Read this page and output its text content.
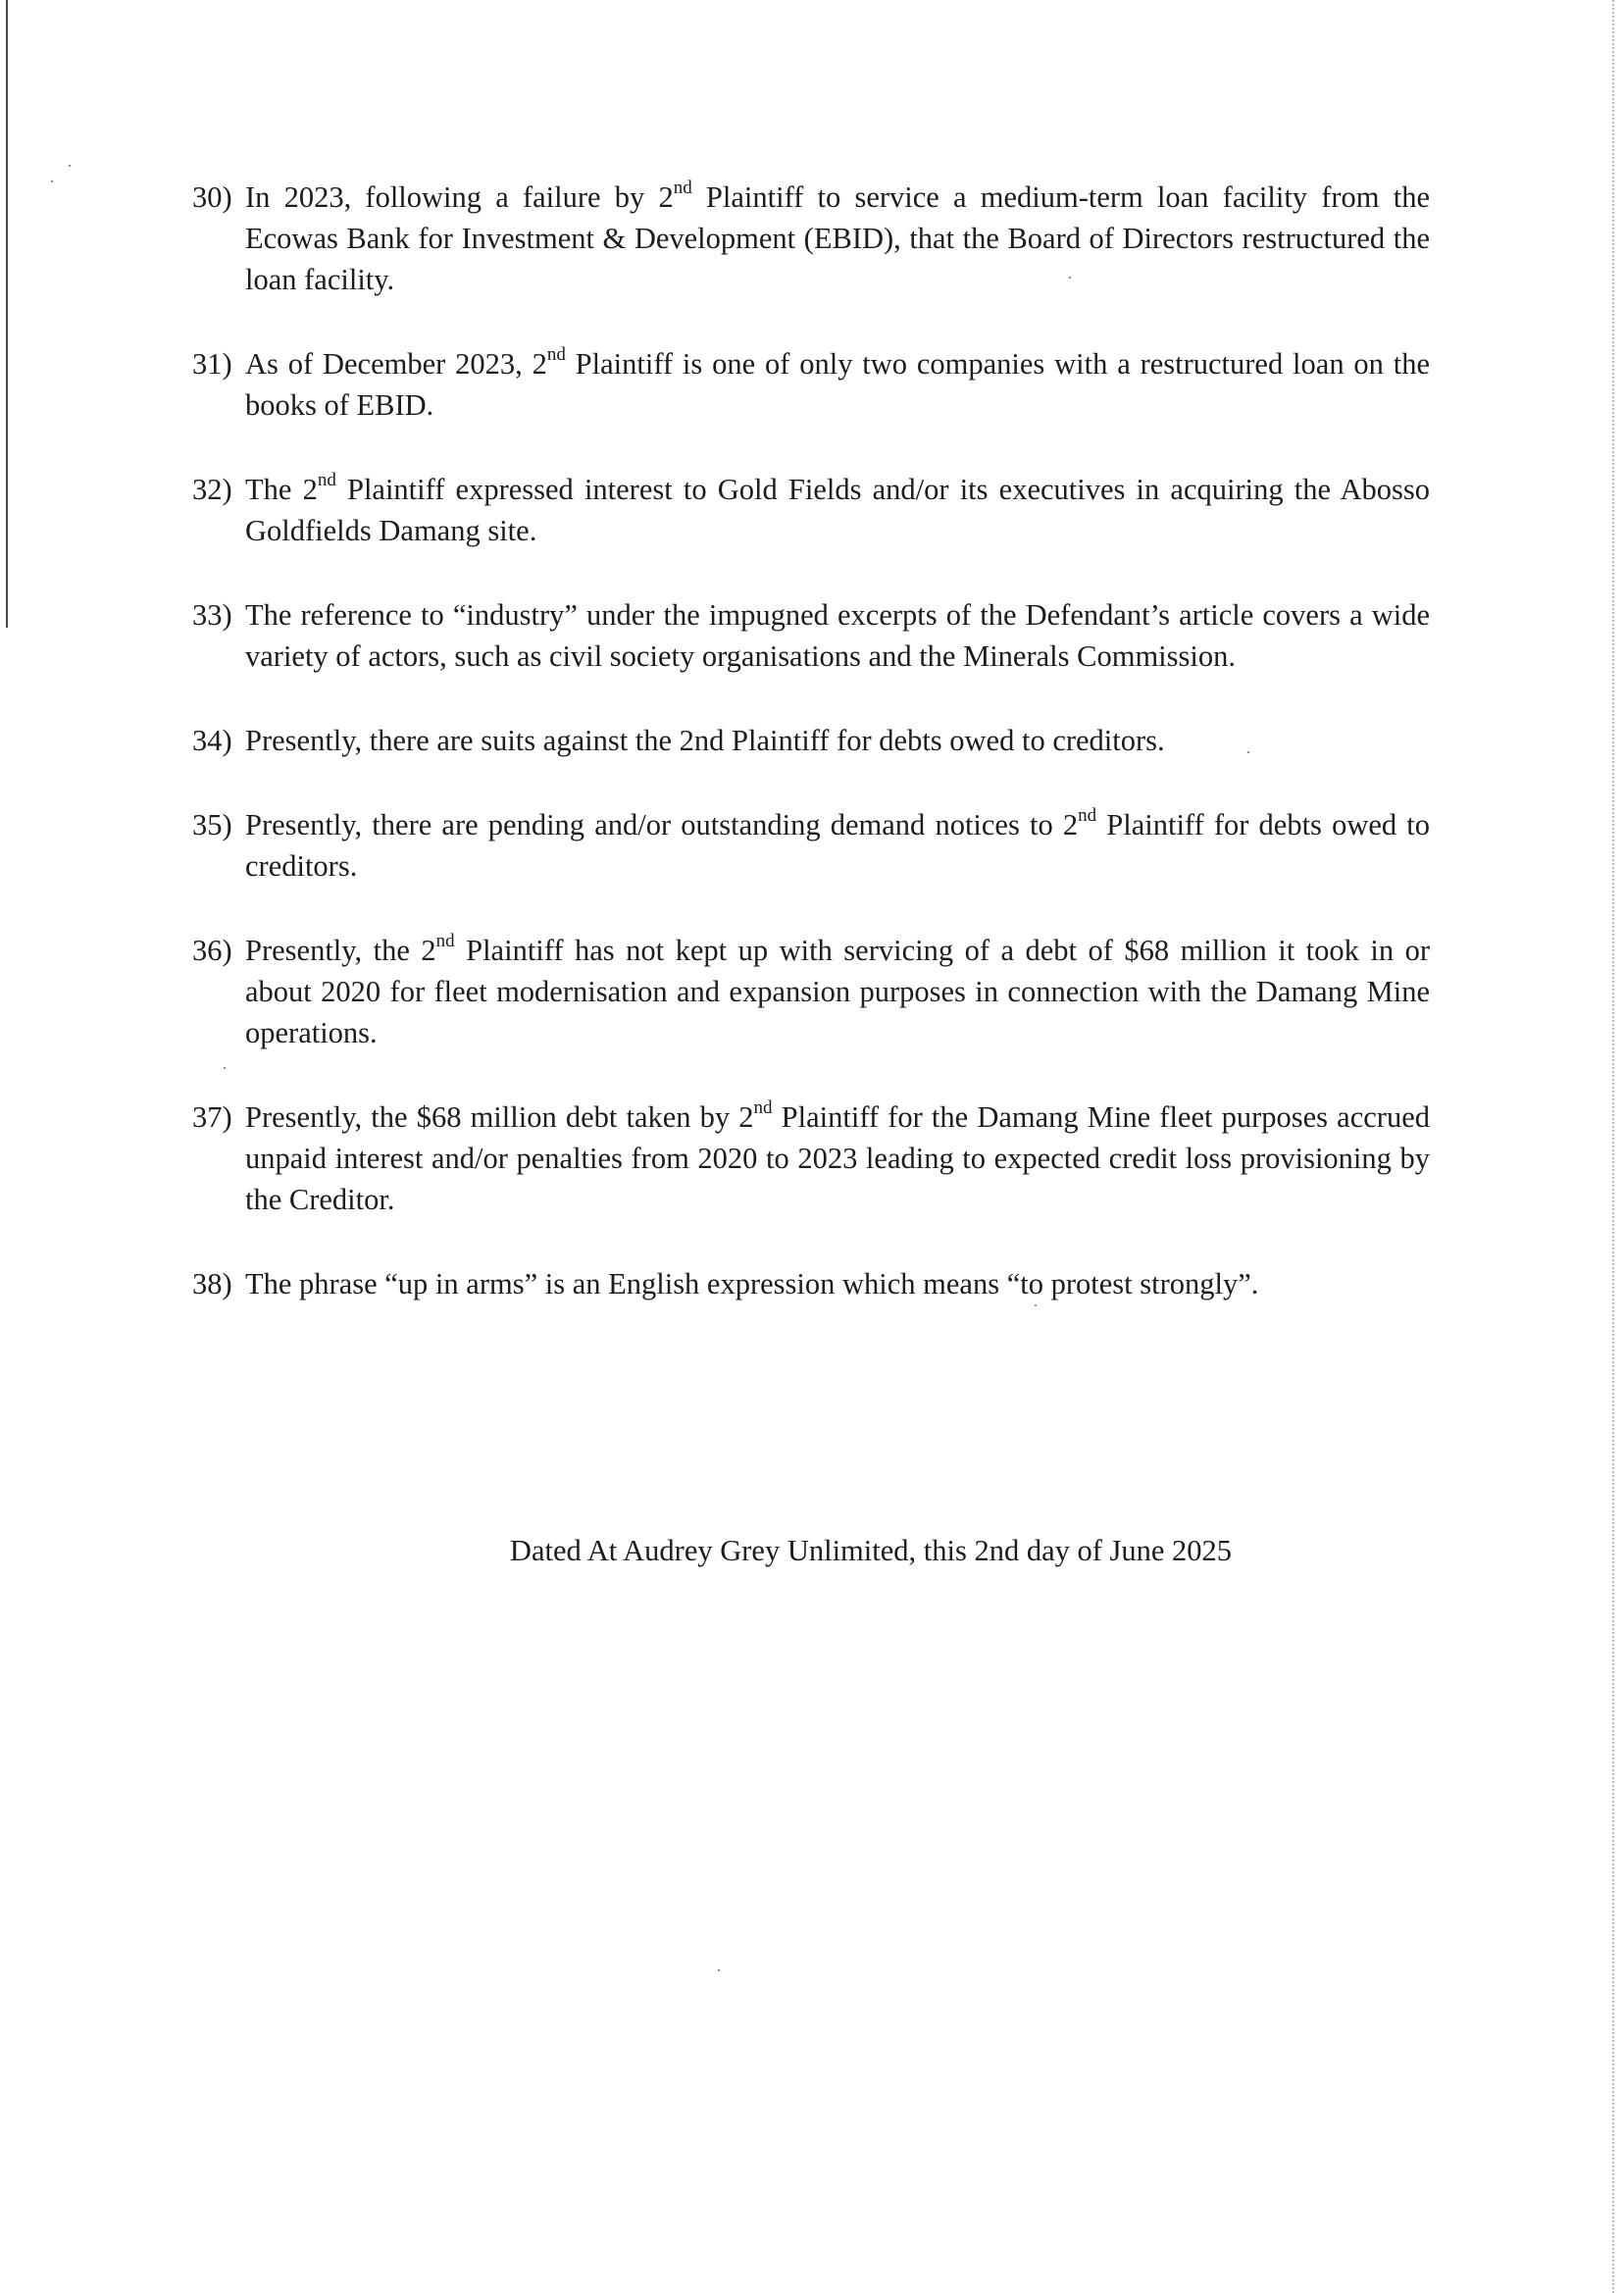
30) In 2023, following a failure by 2nd Plaintiff to service a medium-term loan facility from the Ecowas Bank for Investment & Development (EBID), that the Board of Directors restructured the loan facility.
31) As of December 2023, 2nd Plaintiff is one of only two companies with a restructured loan on the books of EBID.
32) The 2nd Plaintiff expressed interest to Gold Fields and/or its executives in acquiring the Abosso Goldfields Damang site.
33) The reference to “industry” under the impugned excerpts of the Defendant’s article covers a wide variety of actors, such as civil society organisations and the Minerals Commission.
34) Presently, there are suits against the 2nd Plaintiff for debts owed to creditors.
35) Presently, there are pending and/or outstanding demand notices to 2nd Plaintiff for debts owed to creditors.
36) Presently, the 2nd Plaintiff has not kept up with servicing of a debt of $68 million it took in or about 2020 for fleet modernisation and expansion purposes in connection with the Damang Mine operations.
37) Presently, the $68 million debt taken by 2nd Plaintiff for the Damang Mine fleet purposes accrued unpaid interest and/or penalties from 2020 to 2023 leading to expected credit loss provisioning by the Creditor.
38) The phrase “up in arms” is an English expression which means “to protest strongly”.
Dated At Audrey Grey Unlimited, this 2nd day of June 2025
